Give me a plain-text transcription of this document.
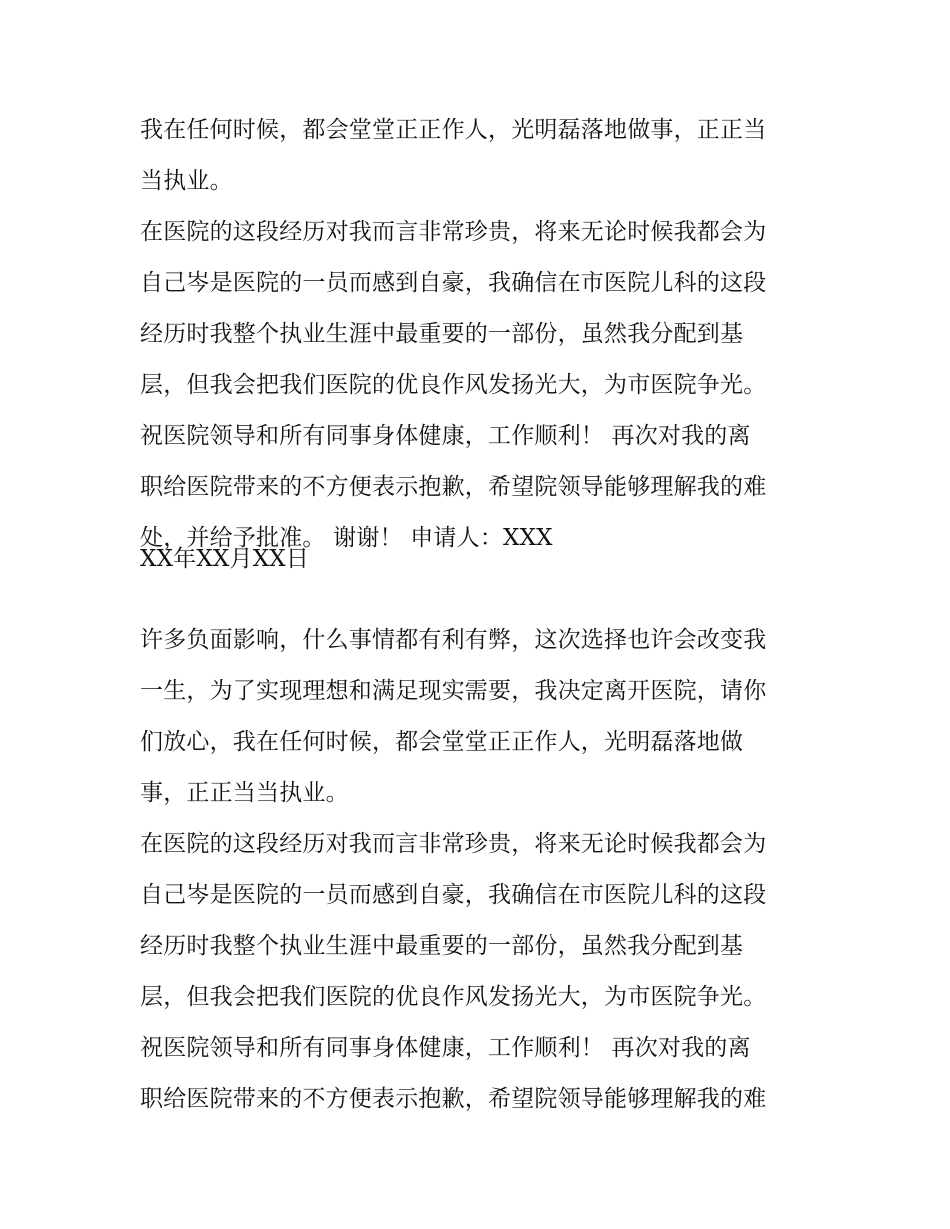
我在任何时候，都会堂堂正正作人，光明磊落地做事，正正当
当执业。
在医院的这段经历对我而言非常珍贵，将来无论时候我都会为
自己岑是医院的一员而感到自豪，我确信在市医院儿科的这段
经历时我整个执业生涯中最重要的一部份，虽然我分配到基
层，但我会把我们医院的优良作风发扬光大，为市医院争光。
祝医院领导和所有同事身体健康，工作顺利！ 再次对我的离
职给医院带来的不方便表示抱歉，希望院领导能够理解我的难
处，并给予批准。 谢谢！ 申请人：XXX
XX年XX月XX日
许多负面影响，什么事情都有利有弊，这次选择也许会改变我
一生，为了实现理想和满足现实需要，我决定离开医院，请你
们放心，我在任何时候，都会堂堂正正作人，光明磊落地做
事，正正当当执业。
在医院的这段经历对我而言非常珍贵，将来无论时候我都会为
自己岑是医院的一员而感到自豪，我确信在市医院儿科的这段
经历时我整个执业生涯中最重要的一部份，虽然我分配到基
层，但我会把我们医院的优良作风发扬光大，为市医院争光。
祝医院领导和所有同事身体健康，工作顺利！ 再次对我的离
职给医院带来的不方便表示抱歉，希望院领导能够理解我的难
